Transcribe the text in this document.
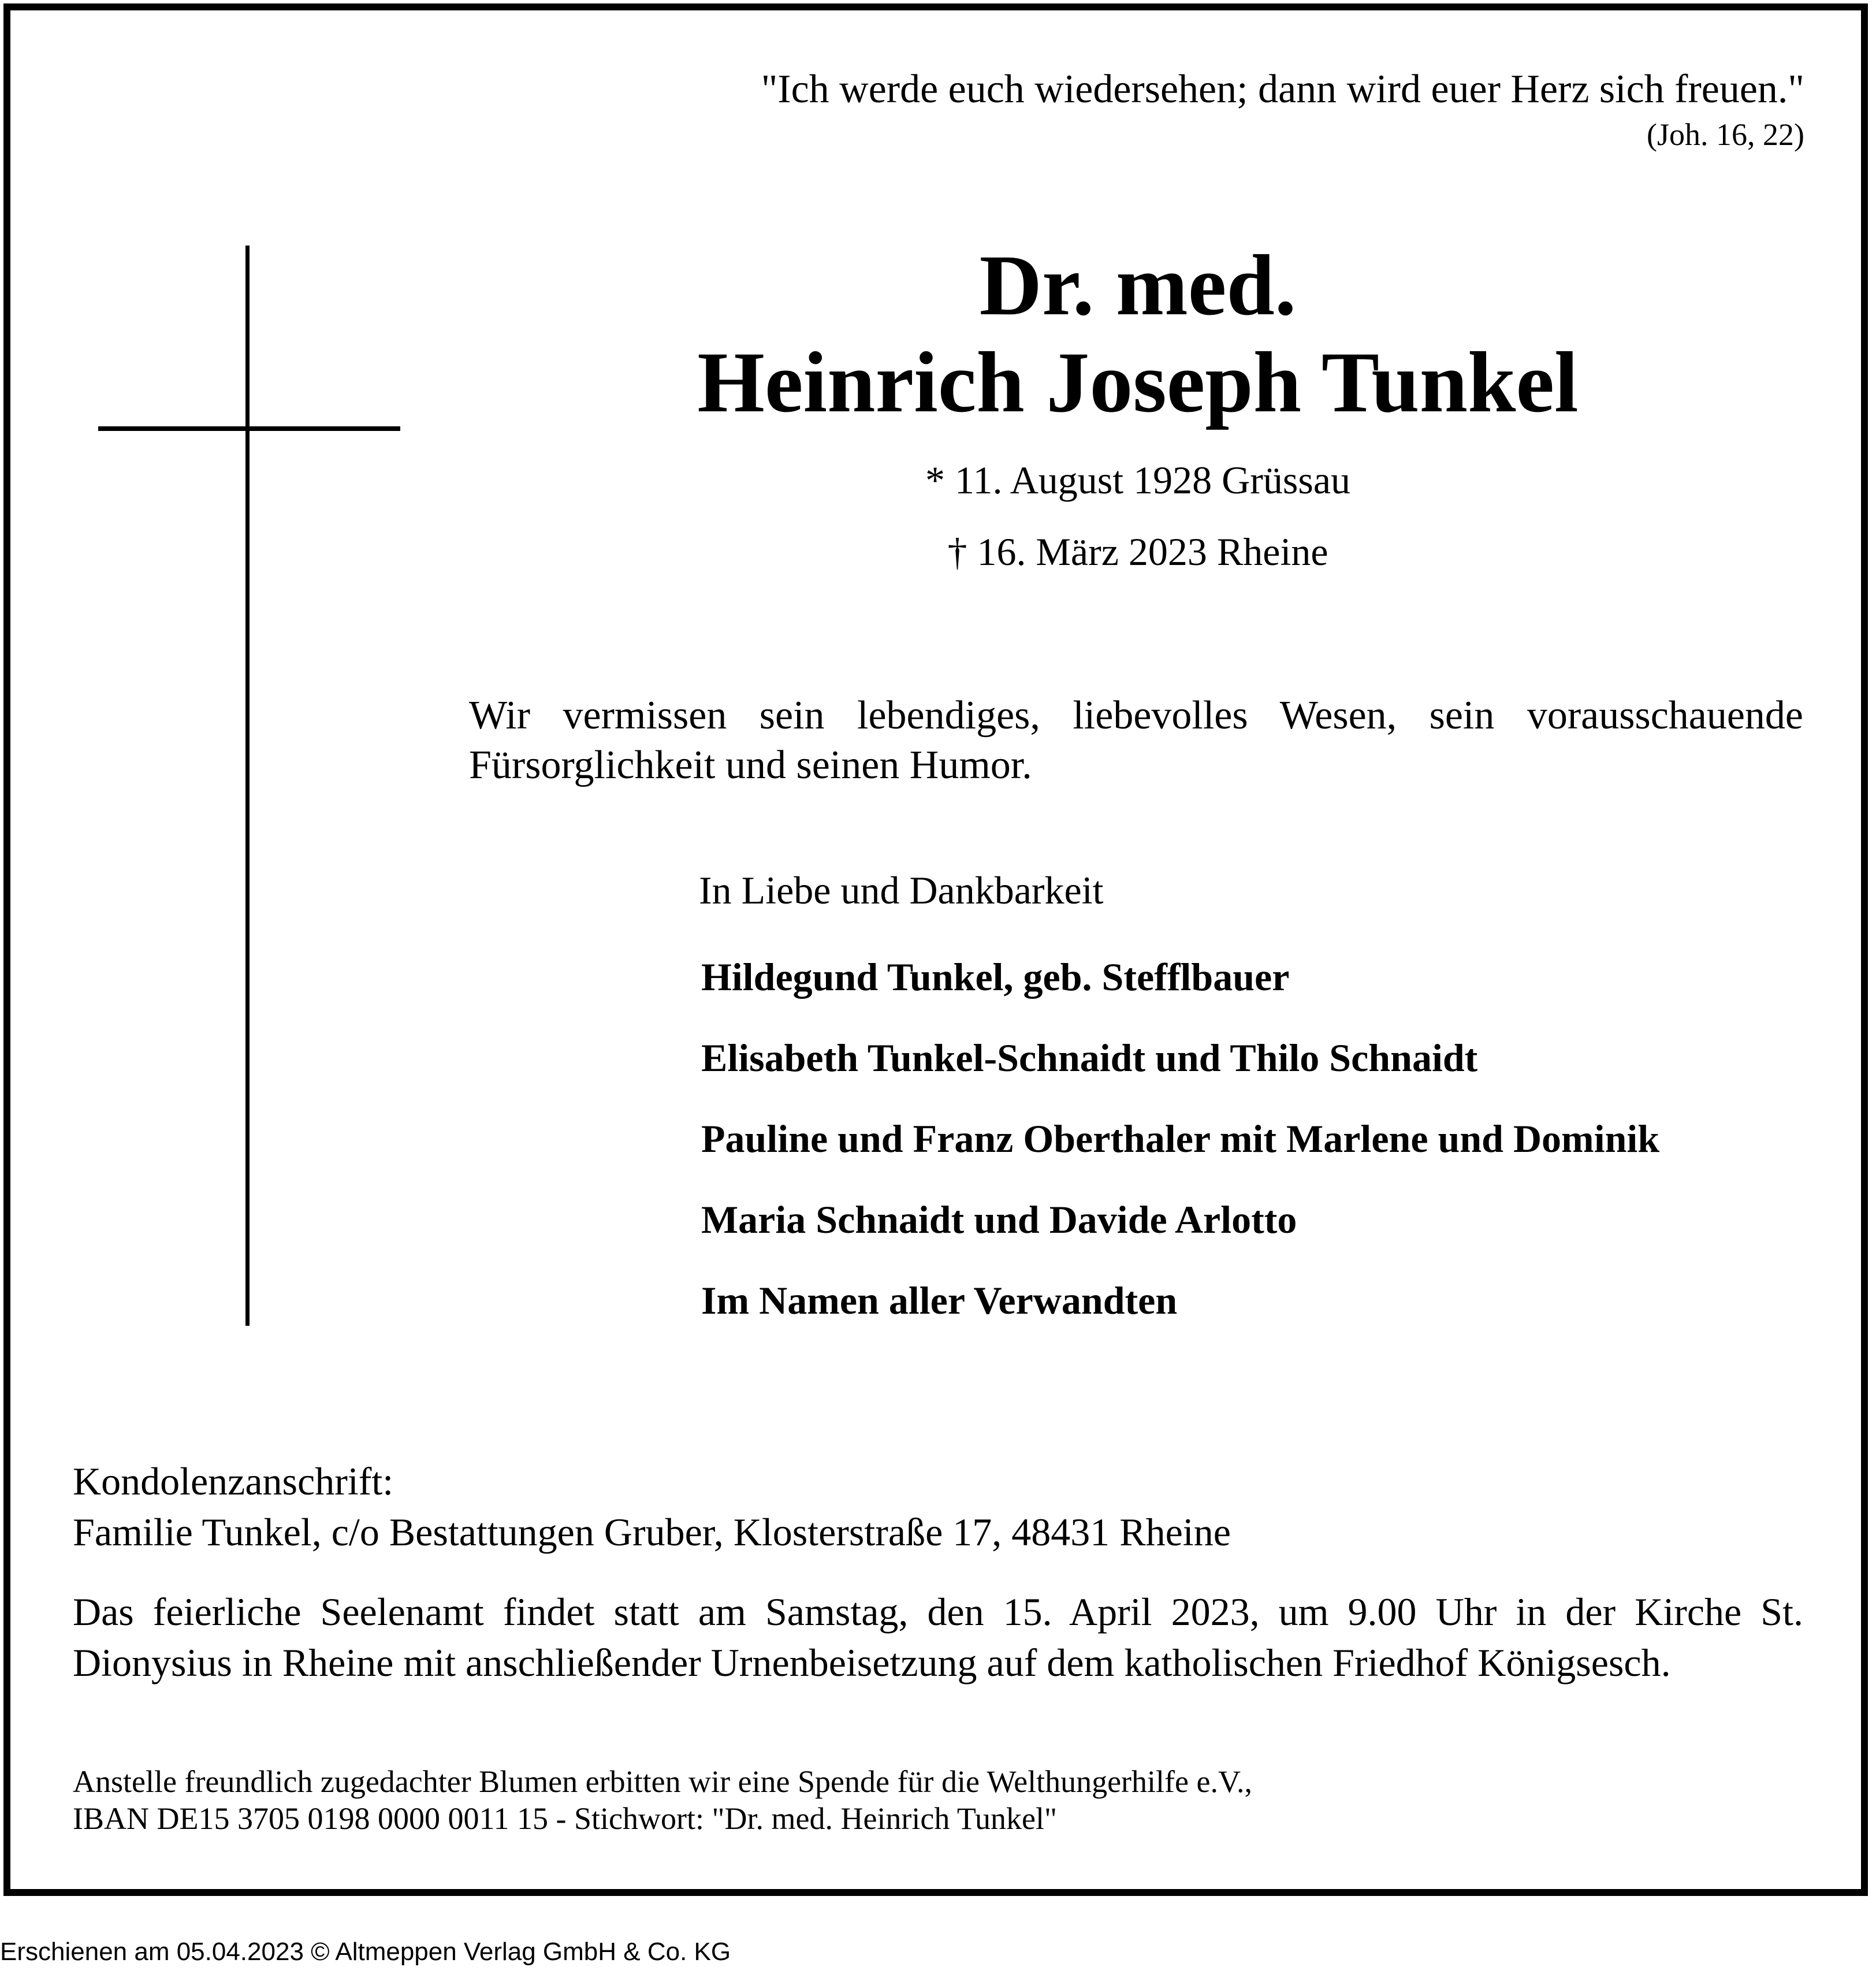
"Ich werde euch wiedersehen; dann wird euer Herz sich freuen."
(Joh. 16, 22)
Dr. med.
Heinrich Joseph Tunkel
* 11. August 1928 Grüssau
† 16. März 2023 Rheine
Wir vermissen sein lebendiges, liebevolles Wesen, sein vorausschauende Fürsorglichkeit und seinen Humor.
In Liebe und Dankbarkeit
Hildegund Tunkel, geb. Stefflbauer
Elisabeth Tunkel-Schnaidt und Thilo Schnaidt
Pauline und Franz Oberthaler mit Marlene und Dominik
Maria Schnaidt und Davide Arlotto
Im Namen aller Verwandten
Kondolenzanschrift:
Familie Tunkel, c/o Bestattungen Gruber, Klosterstraße 17, 48431 Rheine
Das feierliche Seelenamt findet statt am Samstag, den 15. April 2023, um 9.00 Uhr in der Kirche St. Dionysius in Rheine mit anschließender Urnenbeisetzung auf dem katholischen Friedhof Königsesch.
Anstelle freundlich zugedachter Blumen erbitten wir eine Spende für die Welthungerhilfe e.V.,
IBAN DE15 3705 0198 0000 0011 15 - Stichwort: "Dr. med. Heinrich Tunkel"
Erschienen am 05.04.2023 © Altmeppen Verlag GmbH & Co. KG
